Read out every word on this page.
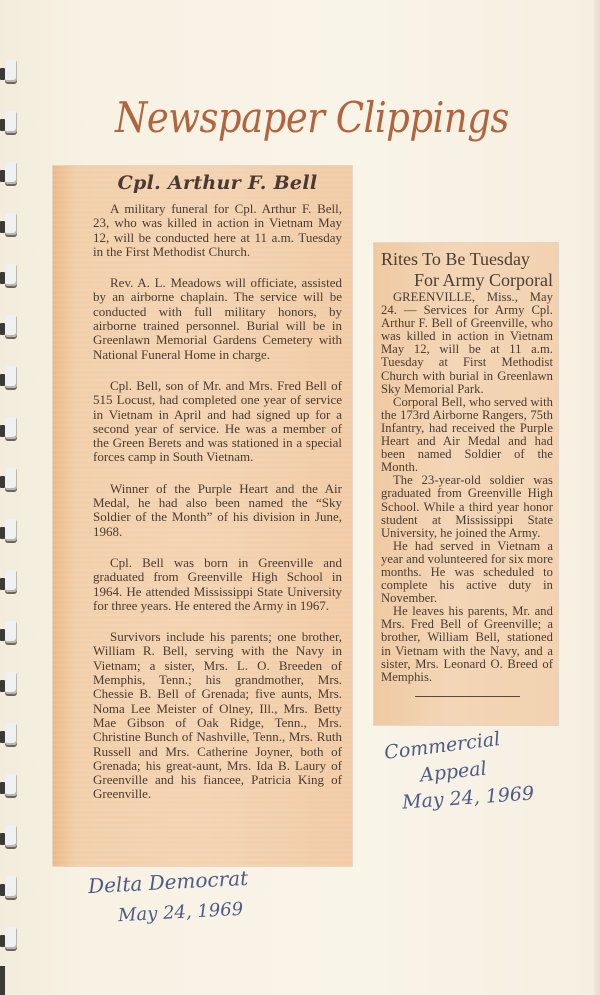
Newspaper Clippings
Cpl. Arthur F. Bell

A military funeral for Cpl. Arthur F. Bell, 23, who was killed in action in Vietnam May 12, will be conducted here at 11 a.m. Tuesday in the First Methodist Church.

Rev. A. L. Meadows will officiate, assisted by an airborne chaplain. The service will be conducted with full military honors, by airborne trained personnel. Burial will be in Greenlawn Memorial Gardens Cemetery with National Funeral Home in charge.

Cpl. Bell, son of Mr. and Mrs. Fred Bell of 515 Locust, had completed one year of service in Vietnam in April and had signed up for a second year of service. He was a member of the Green Berets and was stationed in a special forces camp in South Vietnam.

Winner of the Purple Heart and the Air Medal, he had also been named the “Sky Soldier of the Month” of his division in June, 1968.

Cpl. Bell was born in Greenville and graduated from Greenville High School in 1964. He attended Mississippi State University for three years. He entered the Army in 1967.

Survivors include his parents; one brother, William R. Bell, serving with the Navy in Vietnam; a sister, Mrs. L. O. Breeden of Memphis, Tenn.; his grandmother, Mrs. Chessie B. Bell of Grenada; five aunts, Mrs. Noma Lee Meister of Olney, Ill., Mrs. Betty Mae Gibson of Oak Ridge, Tenn., Mrs. Christine Bunch of Nashville, Tenn., Mrs. Ruth Russell and Mrs. Catherine Joyner, both of Grenada; his great-aunt, Mrs. Ida B. Laury of Greenville and his fiancee, Patricia King of Greenville.

Rites To Be Tuesday
For Army Corporal

GREENVILLE, Miss., May 24. — Services for Army Cpl. Arthur F. Bell of Greenville, who was killed in action in Vietnam May 12, will be at 11 a.m. Tuesday at First Methodist Church with burial in Greenlawn Sky Memorial Park.

Corporal Bell, who served with the 173rd Airborne Rangers, 75th Infantry, had received the Purple Heart and Air Medal and had been named Soldier of the Month.

The 23-year-old soldier was graduated from Greenville High School. While a third year honor student at Mississippi State University, he joined the Army.

He had served in Vietnam a year and volunteered for six more months. He was scheduled to complete his active duty in November.

He leaves his parents, Mr. and Mrs. Fred Bell of Greenville; a brother, William Bell, stationed in Vietnam with the Navy, and a sister, Mrs. Leonard O. Breed of Memphis.

Commercial
Appeal
May 24, 1969
Delta Democrat
May 24, 1969
